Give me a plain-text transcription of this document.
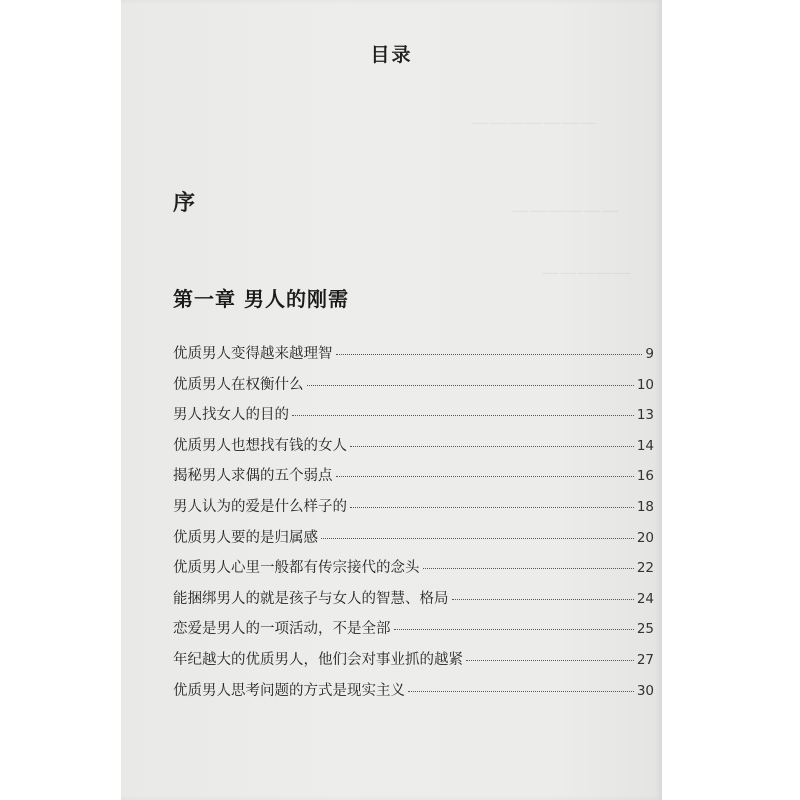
———————
——————
—————
目录
序
第一章 男人的刚需
优质男人变得越来越理智	9
优质男人在权衡什么	10
男人找女人的目的	13
优质男人也想找有钱的女人	14
揭秘男人求偶的五个弱点	16
男人认为的爱是什么样子的	18
优质男人要的是归属感	20
优质男人心里一般都有传宗接代的念头	22
能捆绑男人的就是孩子与女人的智慧、格局	24
恋爱是男人的一项活动，不是全部	25
年纪越大的优质男人，他们会对事业抓的越紧	27
优质男人思考问题的方式是现实主义	30
